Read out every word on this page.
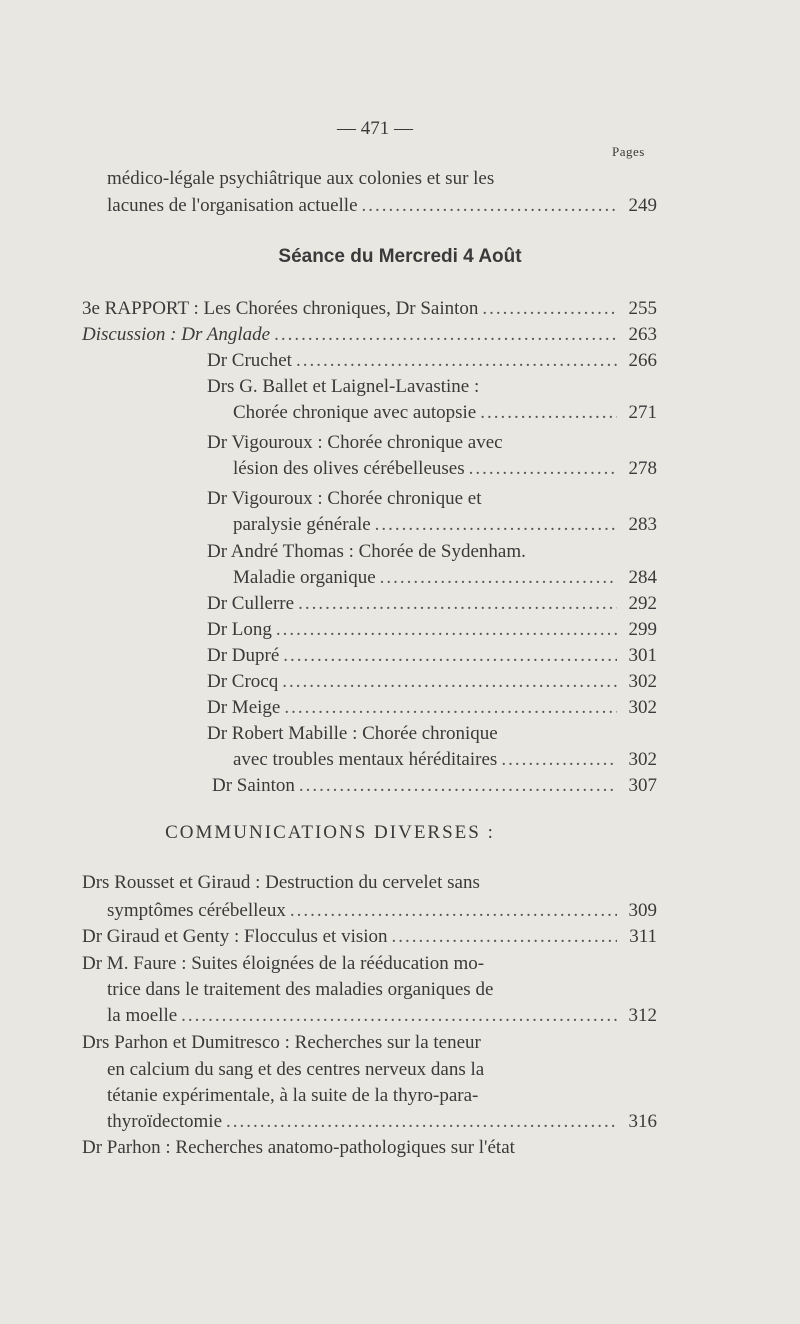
— 471 —
Pages
médico-légale psychiâtrique aux colonies et sur les
lacunes de l'organisation actuelle .....	249
Séance du Mercredi 4 Août
3e RAPPORT : Les Chorées chroniques, Dr Sainton .....	255
Discussion : Dr Anglade .....	263
Dr Cruchet .....	266
Drs G. Ballet et Laignel-Lavastine :
Chorée chronique avec autopsie .....	271
Dr Vigouroux : Chorée chronique avec
lésion des olives cérébelleuses .....	278
Dr Vigouroux : Chorée chronique et
paralysie générale .....	283
Dr André Thomas : Chorée de Sydenham.
Maladie organique .....	284
Dr Cullerre .....	292
Dr Long .....	299
Dr Dupré .....	301
Dr Crocq .....	302
Dr Meige .....	302
Dr Robert Mabille : Chorée chronique
avec troubles mentaux héréditaires .....	302
Dr Sainton .....	307
COMMUNICATIONS DIVERSES :
Drs Rousset et Giraud : Destruction du cervelet sans
symptômes cérébelleux .....	309
Dr Giraud et Genty : Flocculus et vision .....	311
Dr M. Faure : Suites éloignées de la rééducation mo-
trice dans le traitement des maladies organiques de
la moelle .....	312
Drs Parhon et Dumitresco : Recherches sur la teneur
en calcium du sang et des centres nerveux dans la
tétanie expérimentale, à la suite de la thyro-para-
thyroïdectomie .....	316
Dr Parhon : Recherches anatomo-pathologiques sur l'état
